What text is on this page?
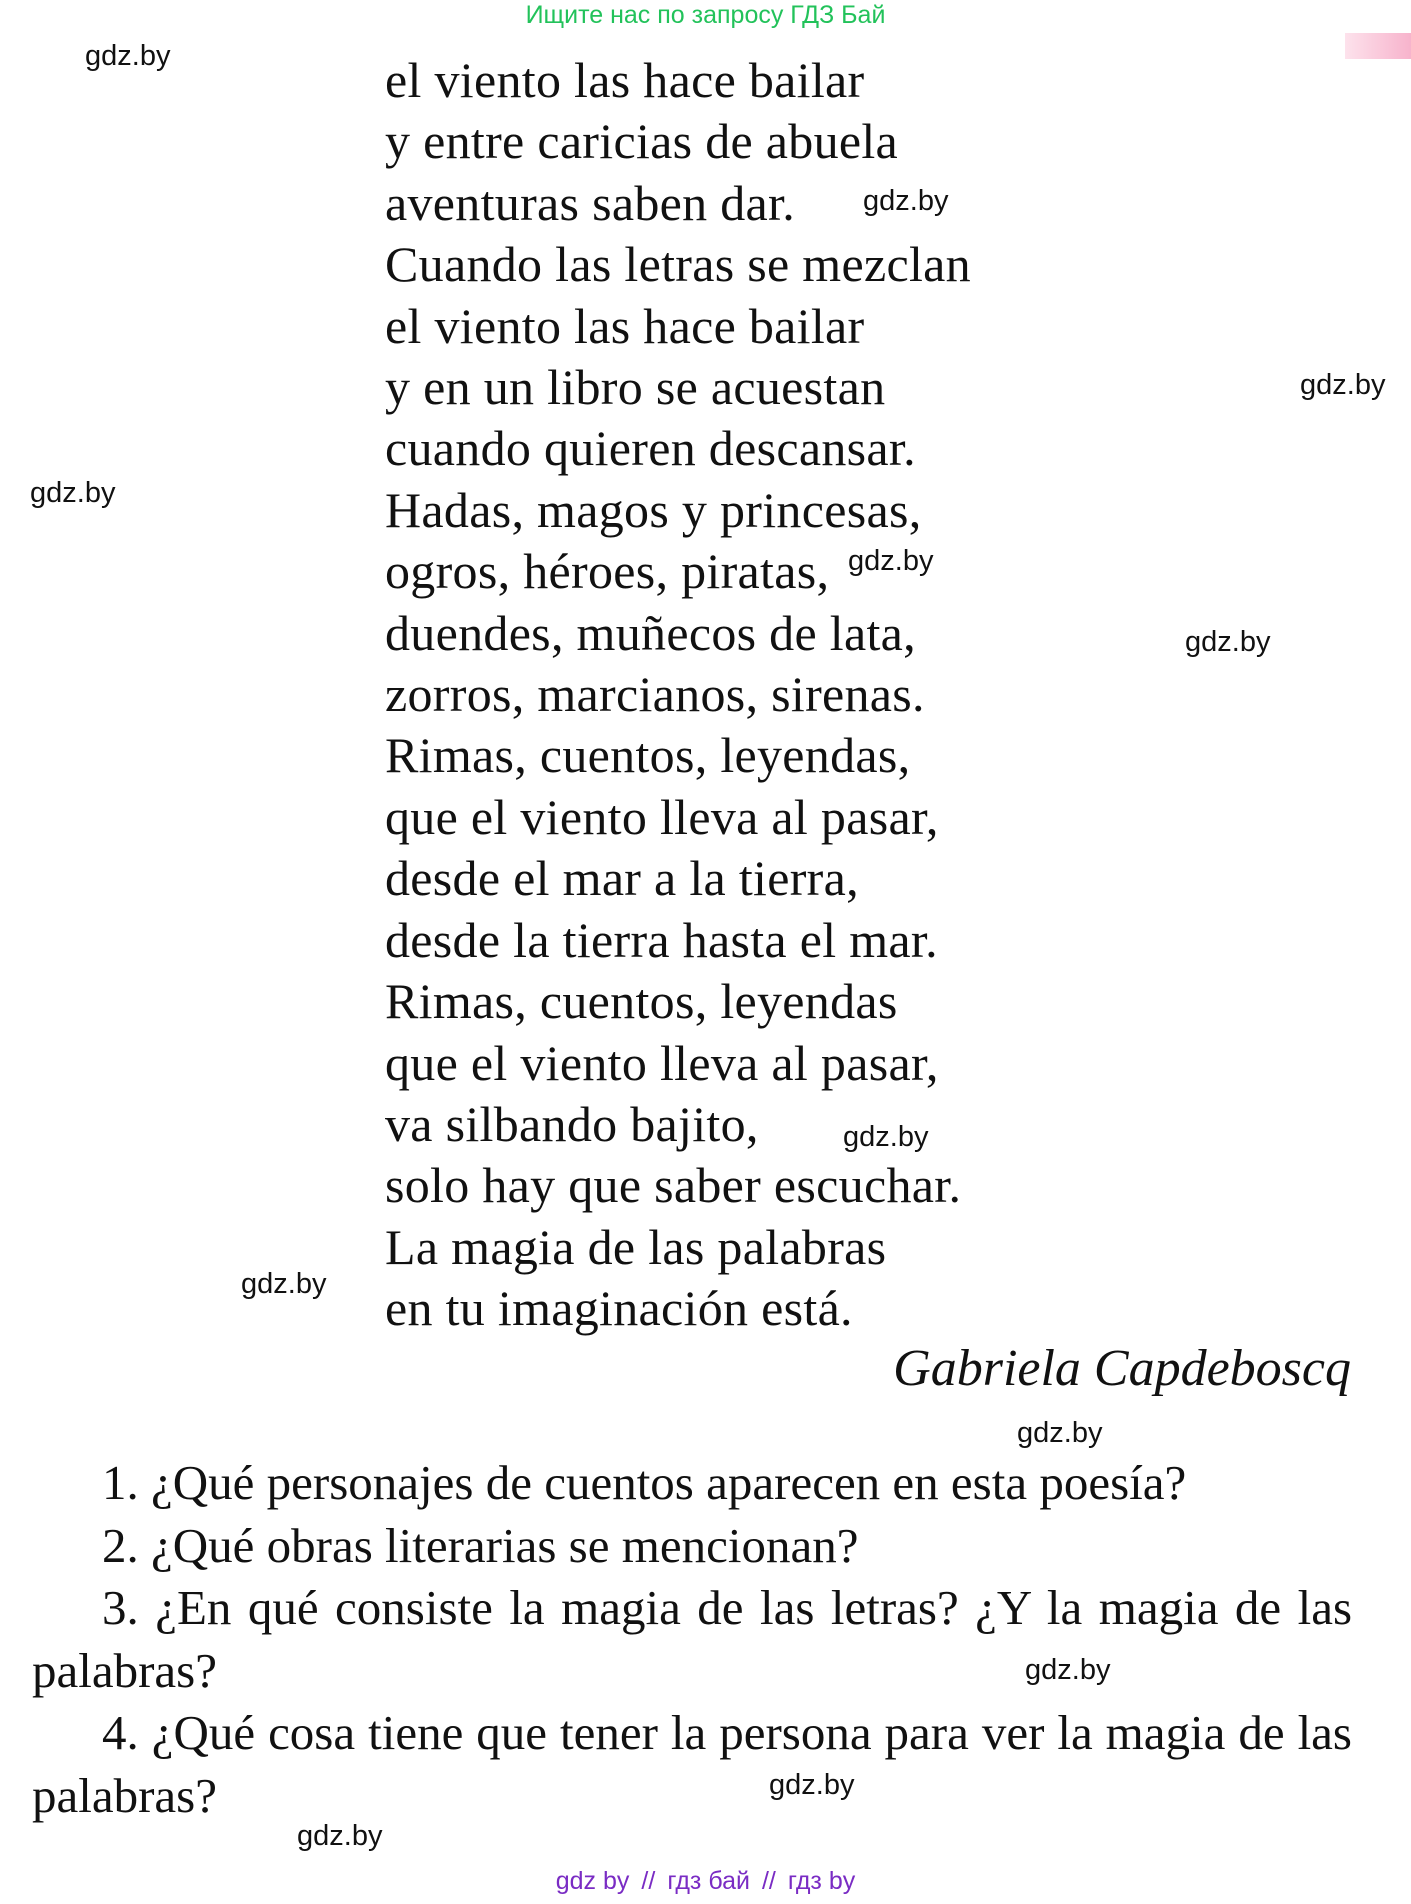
Ищите нас по запросу ГДЗ Бай
el viento las hace bailar
y entre caricias de abuela
aventuras saben dar.
Cuando las letras se mezclan
el viento las hace bailar
y en un libro se acuestan
cuando quieren descansar.
Hadas, magos y princesas,
ogros, héroes, piratas,
duendes, muñecos de lata,
zorros, marcianos, sirenas.
Rimas, cuentos, leyendas,
que el viento lleva al pasar,
desde el mar a la tierra,
desde la tierra hasta el mar.
Rimas, cuentos, leyendas
que el viento lleva al pasar,
va silbando bajito,
solo hay que saber escuchar.
La magia de las palabras
en tu imaginación está.
Gabriela Capdeboscq
1. ¿Qué personajes de cuentos aparecen en esta poesía?
2. ¿Qué obras literarias se mencionan?
3. ¿En qué consiste la magia de las letras? ¿Y la magia de las palabras?
4. ¿Qué cosa tiene que tener la persona para ver la magia de las palabras?
gdz.by
gdz.by
gdz.by
gdz.by
gdz.by
gdz.by
gdz.by
gdz.by
gdz.by
gdz.by
gdz.by
gdz.by
gdz by // гдз бай // гдз by
